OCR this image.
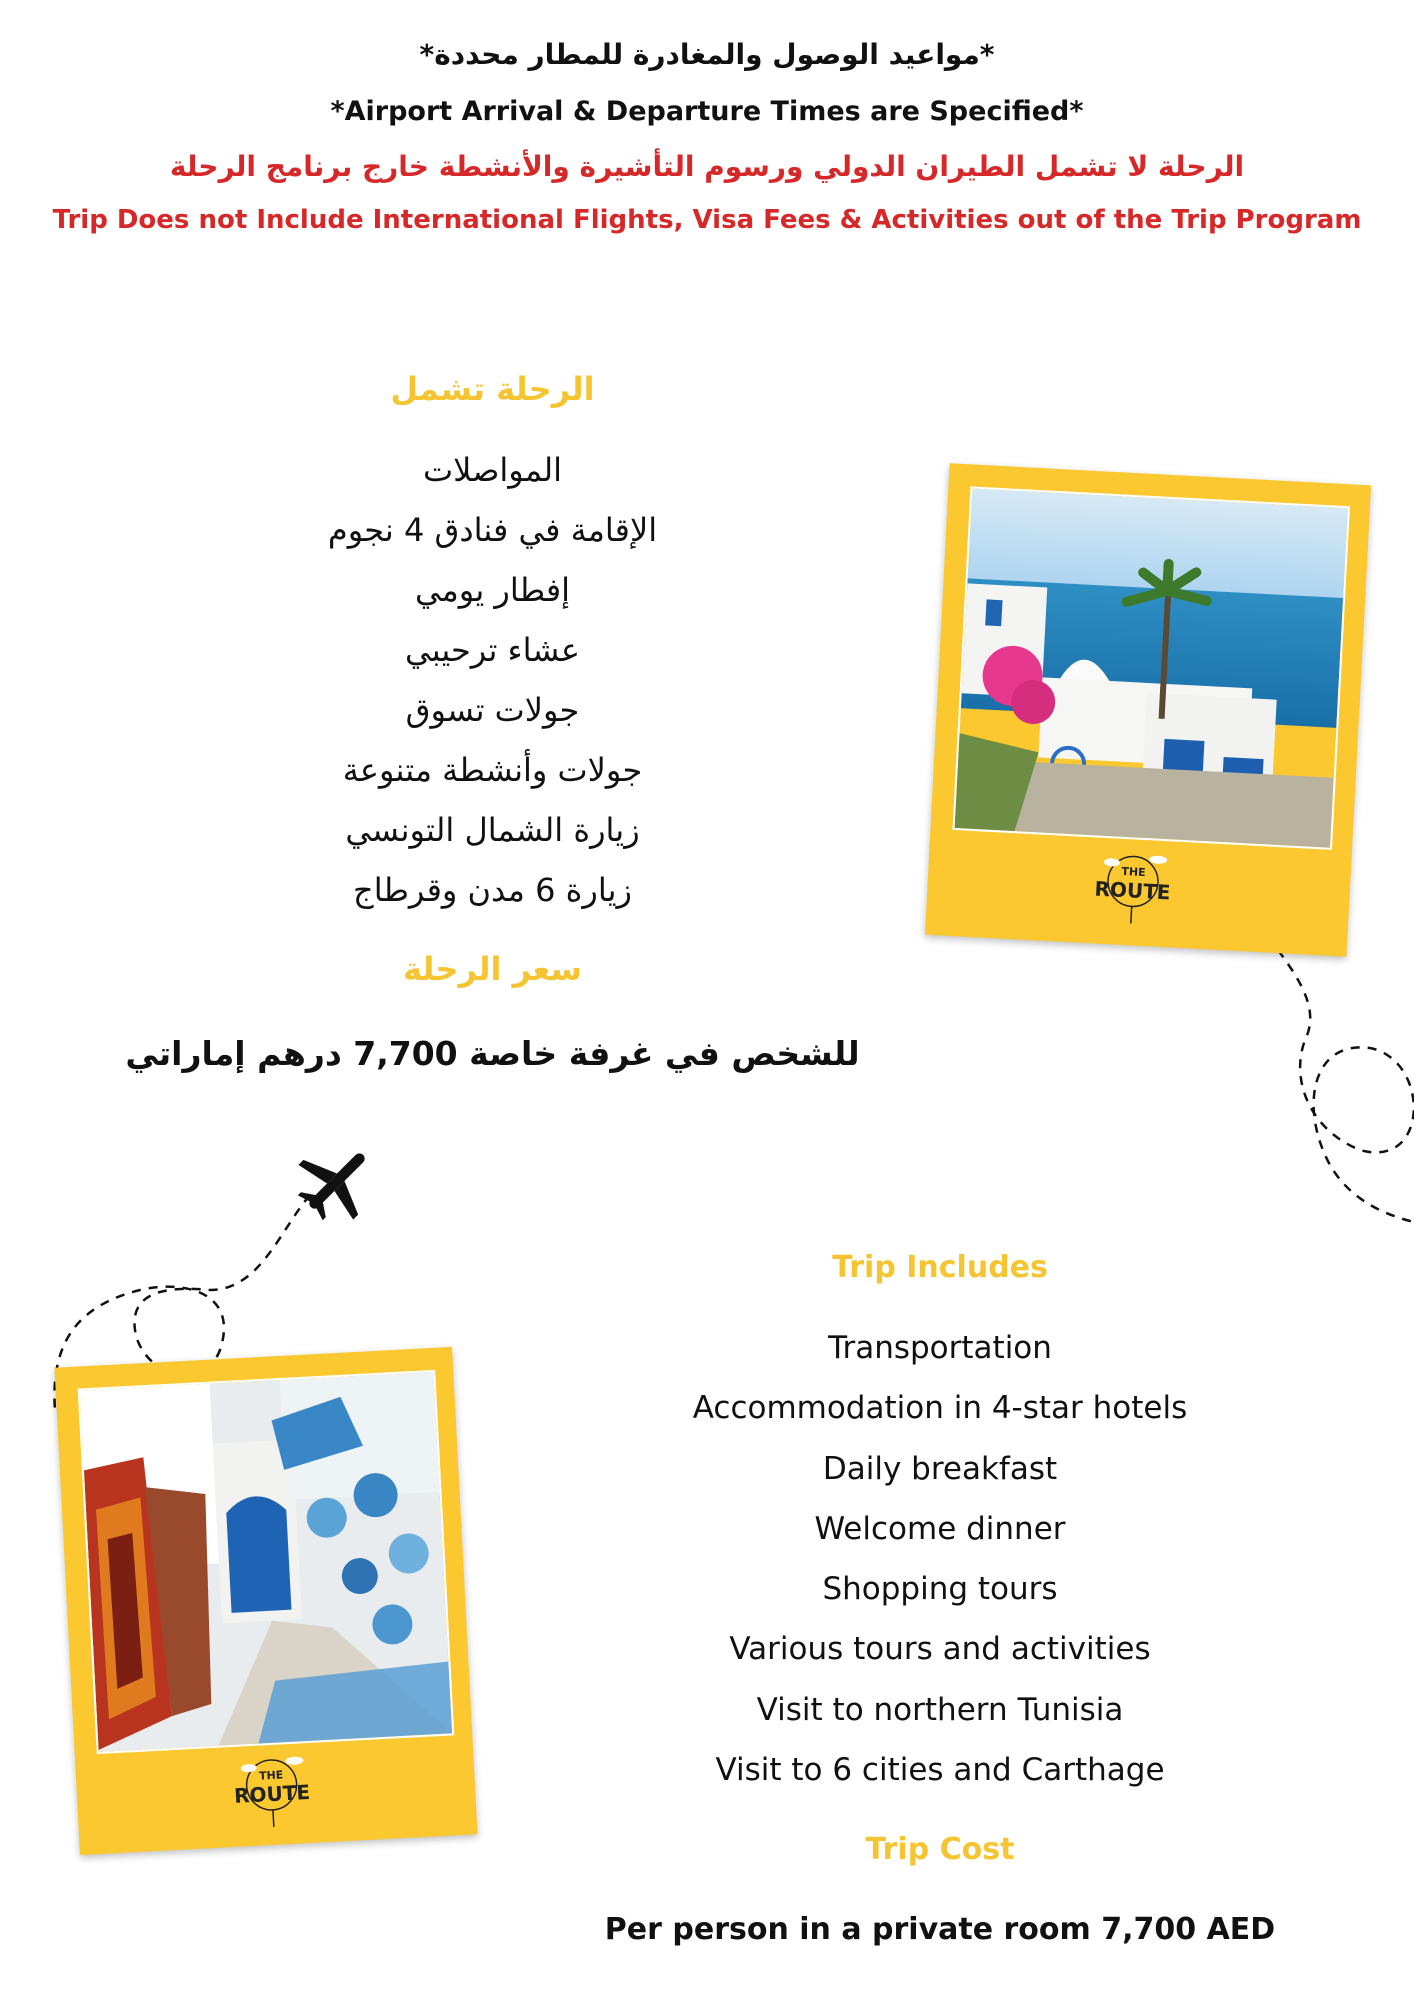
*مواعيد الوصول والمغادرة للمطار محددة*
*Airport Arrival & Departure Times are Specified*
الرحلة لا تشمل الطيران الدولي ورسوم التأشيرة والأنشطة خارج برنامج الرحلة
Trip Does not Include International Flights, Visa Fees & Activities out of the Trip Program
الرحلة تشمل
المواصلات
الإقامة في فنادق 4 نجوم
إفطار يومي
عشاء ترحيبي
جولات تسوق
جولات وأنشطة متنوعة
زيارة الشمال التونسي
زيارة 6 مدن وقرطاج
سعر الرحلة
للشخص في غرفة خاصة 7,700 درهم إماراتي
Trip Includes
Transportation
Accommodation in 4-star hotels
Daily breakfast
Welcome dinner
Shopping tours
Various tours and activities
Visit to northern Tunisia
Visit to 6 cities and Carthage
Trip Cost
Per person in a private room 7,700 AED
THE
ROUTE
THE
ROUTE
